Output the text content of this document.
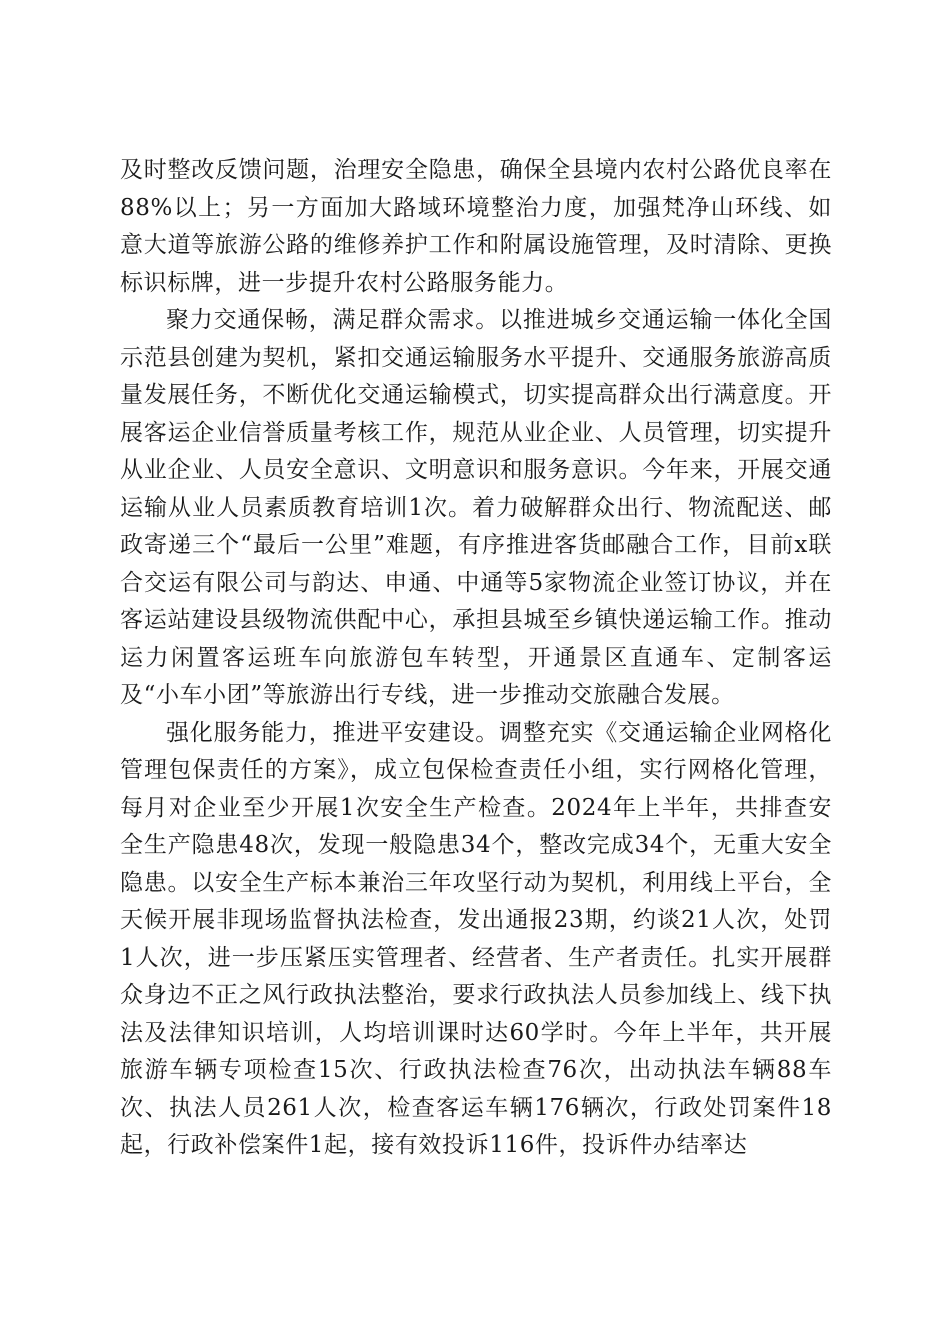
及时整改反馈问题，治理安全隐患，确保全县境内农村公路优良率在88%以上；另一方面加大路域环境整治力度，加强梵净山环线、如意大道等旅游公路的维修养护工作和附属设施管理，及时清除、更换标识标牌，进一步提升农村公路服务能力。

聚力交通保畅，满足群众需求。以推进城乡交通运输一体化全国示范县创建为契机，紧扣交通运输服务水平提升、交通服务旅游高质量发展任务，不断优化交通运输模式，切实提高群众出行满意度。开展客运企业信誉质量考核工作，规范从业企业、人员管理，切实提升从业企业、人员安全意识、文明意识和服务意识。今年来，开展交通运输从业人员素质教育培训1次。着力破解群众出行、物流配送、邮政寄递三个“最后一公里”难题，有序推进客货邮融合工作，目前x联合交运有限公司与韵达、申通、中通等5家物流企业签订协议，并在客运站建设县级物流供配中心，承担县城至乡镇快递运输工作。推动运力闲置客运班车向旅游包车转型，开通景区直通车、定制客运及“小车小团”等旅游出行专线，进一步推动交旅融合发展。

强化服务能力，推进平安建设。调整充实《交通运输企业网格化管理包保责任的方案》，成立包保检查责任小组，实行网格化管理，每月对企业至少开展1次安全生产检查。2024年上半年，共排查安全生产隐患48次，发现一般隐患34个，整改完成34个，无重大安全隐患。以安全生产标本兼治三年攻坚行动为契机，利用线上平台，全天候开展非现场监督执法检查，发出通报23期，约谈21人次，处罚1人次，进一步压紧压实管理者、经营者、生产者责任。扎实开展群众身边不正之风行政执法整治，要求行政执法人员参加线上、线下执法及法律知识培训，人均培训课时达60学时。今年上半年，共开展旅游车辆专项检查15次、行政执法检查76次，出动执法车辆88车次、执法人员261人次，检查客运车辆176辆次，行政处罚案件18起，行政补偿案件1起，接有效投诉116件，投诉件办结率达
